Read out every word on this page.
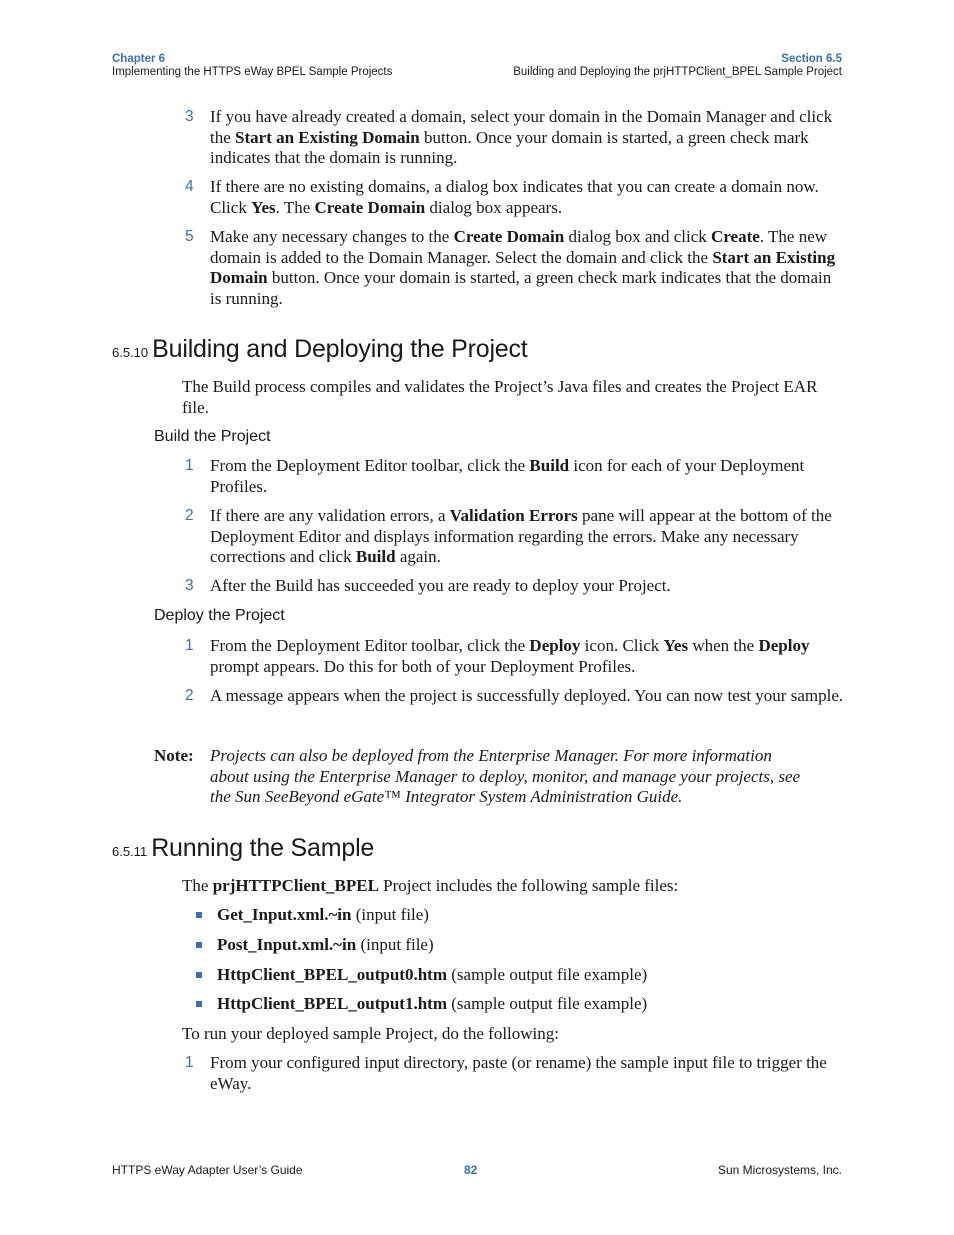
Chapter 6
Implementing the HTTPS eWay BPEL Sample Projects
Section 6.5
Building and Deploying the prjHTTPClient_BPEL Sample Project
3 If you have already created a domain, select your domain in the Domain Manager and click the Start an Existing Domain button. Once your domain is started, a green check mark indicates that the domain is running.
4 If there are no existing domains, a dialog box indicates that you can create a domain now. Click Yes. The Create Domain dialog box appears.
5 Make any necessary changes to the Create Domain dialog box and click Create. The new domain is added to the Domain Manager. Select the domain and click the Start an Existing Domain button. Once your domain is started, a green check mark indicates that the domain is running.
6.5.10 Building and Deploying the Project
The Build process compiles and validates the Project’s Java files and creates the Project EAR file.
Build the Project
1 From the Deployment Editor toolbar, click the Build icon for each of your Deployment Profiles.
2 If there are any validation errors, a Validation Errors pane will appear at the bottom of the Deployment Editor and displays information regarding the errors. Make any necessary corrections and click Build again.
3 After the Build has succeeded you are ready to deploy your Project.
Deploy the Project
1 From the Deployment Editor toolbar, click the Deploy icon. Click Yes when the Deploy prompt appears. Do this for both of your Deployment Profiles.
2 A message appears when the project is successfully deployed. You can now test your sample.
Note: Projects can also be deployed from the Enterprise Manager. For more information about using the Enterprise Manager to deploy, monitor, and manage your projects, see the Sun SeeBeyond eGate™ Integrator System Administration Guide.
6.5.11 Running the Sample
The prjHTTPClient_BPEL Project includes the following sample files:
Get_Input.xml.~in (input file)
Post_Input.xml.~in (input file)
HttpClient_BPEL_output0.htm (sample output file example)
HttpClient_BPEL_output1.htm (sample output file example)
To run your deployed sample Project, do the following:
1 From your configured input directory, paste (or rename) the sample input file to trigger the eWay.
HTTPS eWay Adapter User’s Guide	82	Sun Microsystems, Inc.
